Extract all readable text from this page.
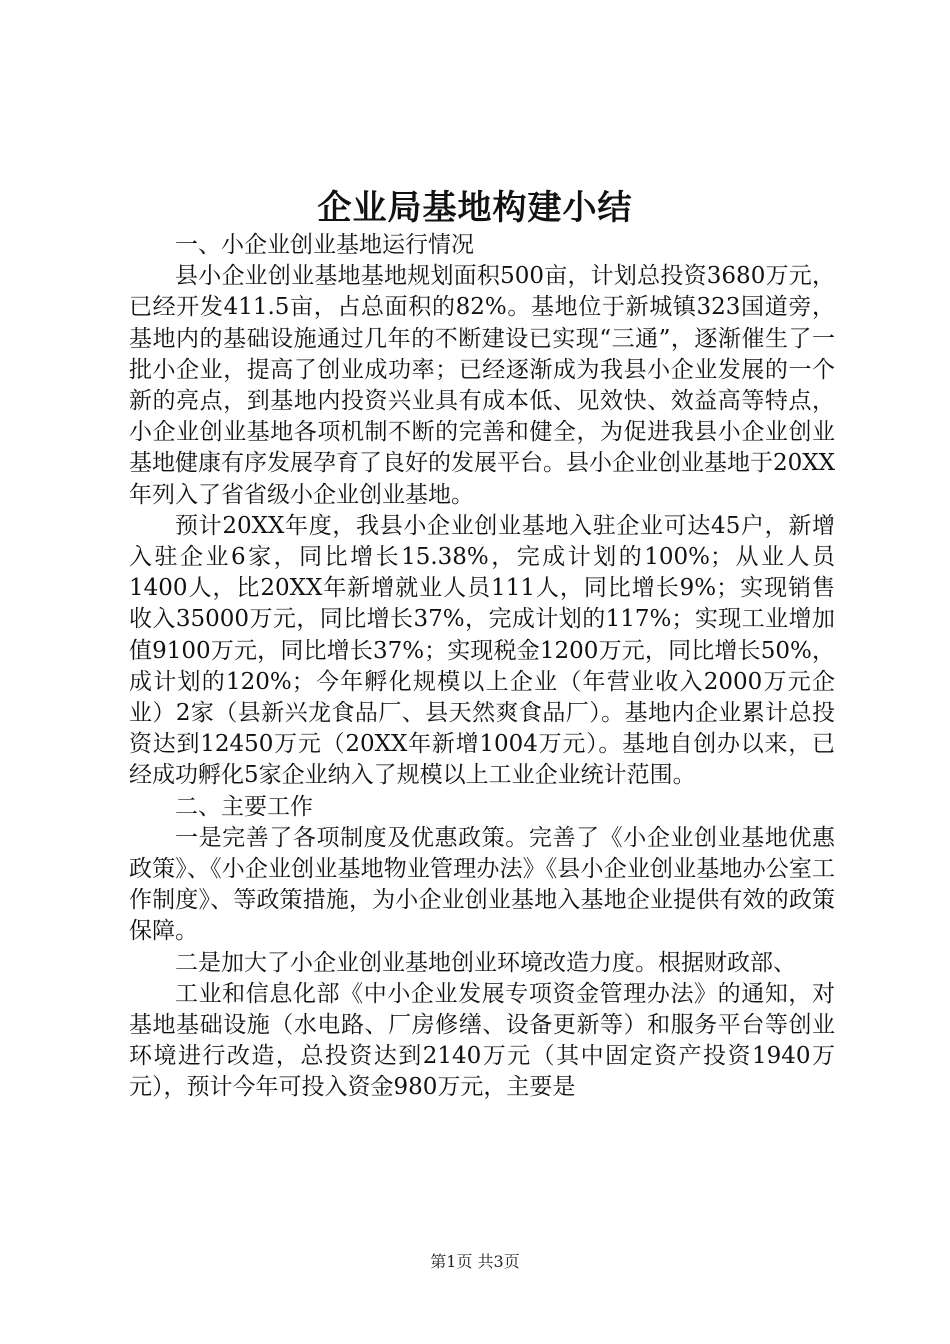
企业局基地构建小结

一、小企业创业基地运行情况

县小企业创业基地基地规划面积500亩，计划总投资3680万元，已经开发411.5亩，占总面积的82%。基地位于新城镇323国道旁，基地内的基础设施通过几年的不断建设已实现“三通”，逐渐催生了一批小企业，提高了创业成功率；已经逐渐成为我县小企业发展的一个新的亮点，到基地内投资兴业具有成本低、见效快、效益高等特点，小企业创业基地各项机制不断的完善和健全，为促进我县小企业创业基地健康有序发展孕育了良好的发展平台。县小企业创业基地于20XX年列入了省省级小企业创业基地。

预计20XX年度，我县小企业创业基地入驻企业可达45户，新增入驻企业6家，同比增长15.38%，完成计划的100%；从业人员1400人，比20XX年新增就业人员111人，同比增长9%；实现销售收入35000万元，同比增长37%，完成计划的117%；实现工业增加值9100万元，同比增长37%；实现税金1200万元，同比增长50%，成计划的120%；今年孵化规模以上企业（年营业收入2000万元企业）2家（县新兴龙食品厂、县天然爽食品厂）。基地内企业累计总投资达到12450万元（20XX年新增1004万元）。基地自创办以来，已经成功孵化5家企业纳入了规模以上工业企业统计范围。

二、主要工作

一是完善了各项制度及优惠政策。完善了《小企业创业基地优惠政策》、《小企业创业基地物业管理办法》《县小企业创业基地办公室工作制度》、等政策措施，为小企业创业基地入基地企业提供有效的政策保障。

二是加大了小企业创业基地创业环境改造力度。根据财政部、

工业和信息化部《中小企业发展专项资金管理办法》的通知，对基地基础设施（水电路、厂房修缮、设备更新等）和服务平台等创业环境进行改造，总投资达到2140万元（其中固定资产投资1940万元），预计今年可投入资金980万元，主要是

第1页 共3页
